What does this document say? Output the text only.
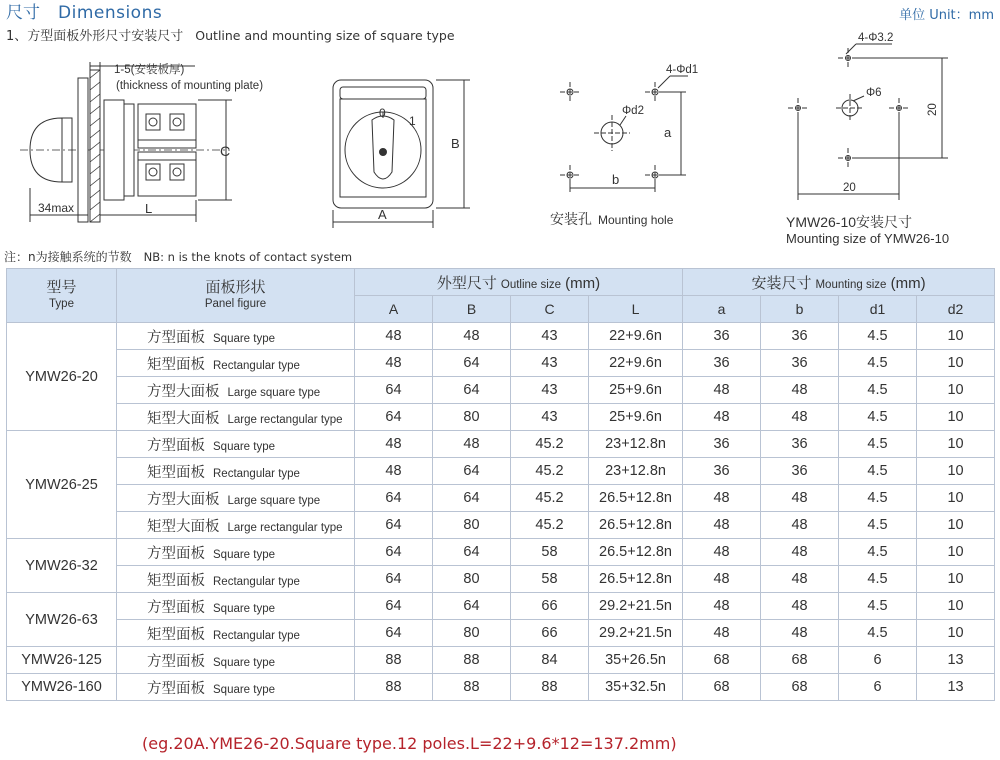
尺寸 Dimensions	单位 Unit：mm
1、方型面板外形尺寸安装尺寸 Outline and mounting size of square type
1-5(安装板厚)
(thickness of mounting plate)
C
34max	L
0
1
B
A
4-Φd1
Φd2
a
b
安装孔 Mounting hole
4-Φ3.2
Φ6
20
20
YMW26-10安装尺寸
Mounting size of YMW26-10
注：n为接触系统的节数 NB: n is the knots of contact system
型号
Type	面板形状
Panel figure	外型尺寸 Outline size (mm)				安装尺寸 Mounting size (mm)			
		A	B	C	L	a	b	d1	d2
YMW26-20	方型面板 Square type	48	48	43	22+9.6n	36	36	4.5	10
	矩型面板 Rectangular type	48	64	43	22+9.6n	36	36	4.5	10
	方型大面板 Large square type	64	64	43	25+9.6n	48	48	4.5	10
	矩型大面板 Large rectangular type	64	80	43	25+9.6n	48	48	4.5	10
YMW26-25	方型面板 Square type	48	48	45.2	23+12.8n	36	36	4.5	10
	矩型面板 Rectangular type	48	64	45.2	23+12.8n	36	36	4.5	10
	方型大面板 Large square type	64	64	45.2	26.5+12.8n	48	48	4.5	10
	矩型大面板 Large rectangular type	64	80	45.2	26.5+12.8n	48	48	4.5	10
YMW26-32	方型面板 Square type	64	64	58	26.5+12.8n	48	48	4.5	10
	矩型面板 Rectangular type	64	80	58	26.5+12.8n	48	48	4.5	10
YMW26-63	方型面板 Square type	64	64	66	29.2+21.5n	48	48	4.5	10
	矩型面板 Rectangular type	64	80	66	29.2+21.5n	48	48	4.5	10
YMW26-125	方型面板 Square type	88	88	84	35+26.5n	68	68	6	13
YMW26-160	方型面板 Square type	88	88	88	35+32.5n	68	68	6	13
(eg.20A.YME26-20.Square type.12 poles.L=22+9.6*12=137.2mm)
